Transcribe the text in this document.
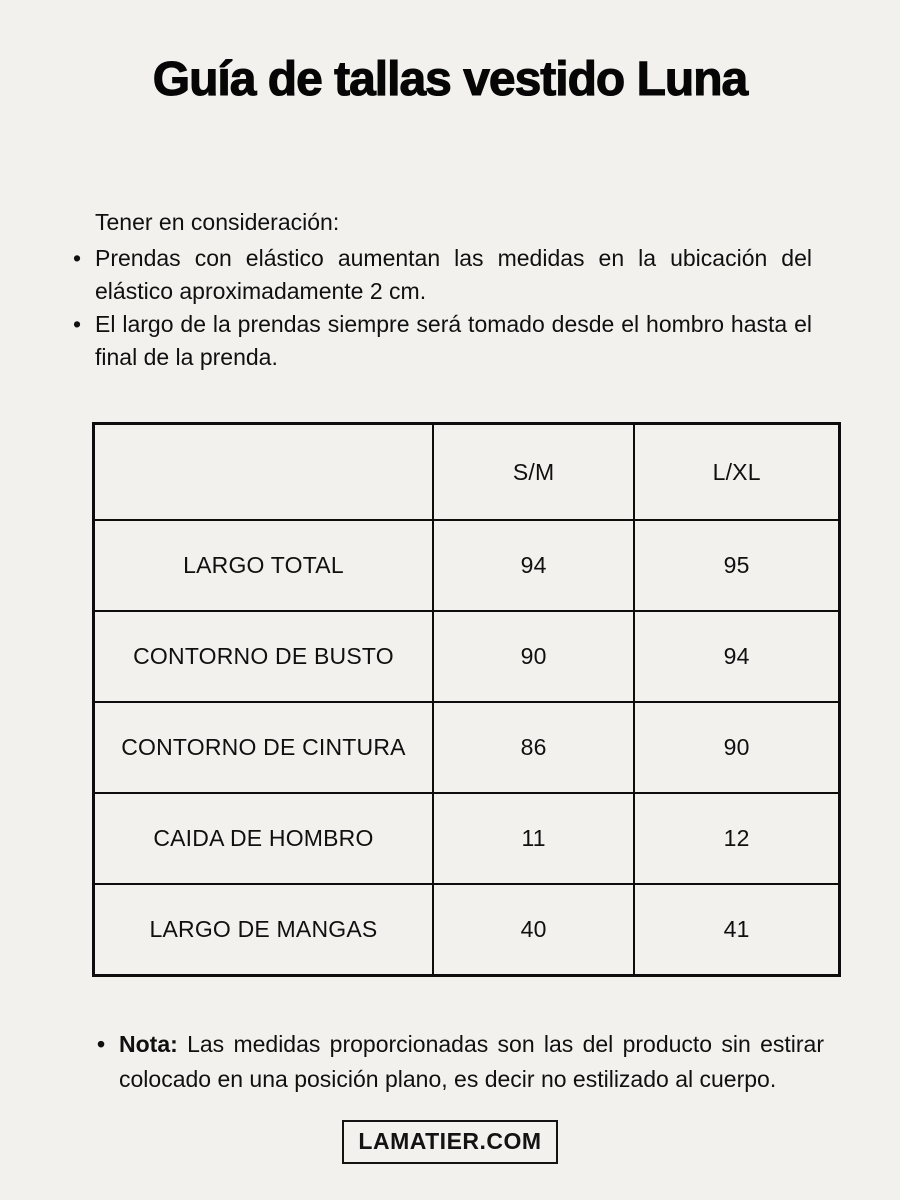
Guía de tallas vestido Luna
Tener en consideración:
• Prendas con elástico aumentan las medidas en la ubicación del elástico aproximadamente 2 cm.
• El largo de la prendas siempre será tomado desde el hombro hasta el final de la prenda.
	S/M	L/XL
LARGO TOTAL	94	95
CONTORNO DE BUSTO	90	94
CONTORNO DE CINTURA	86	90
CAIDA DE HOMBRO	11	12
LARGO DE MANGAS	40	41
• Nota: Las medidas proporcionadas son las del producto sin estirar colocado en una posición plano, es decir no estilizado al cuerpo.
LAMATIER.COM
